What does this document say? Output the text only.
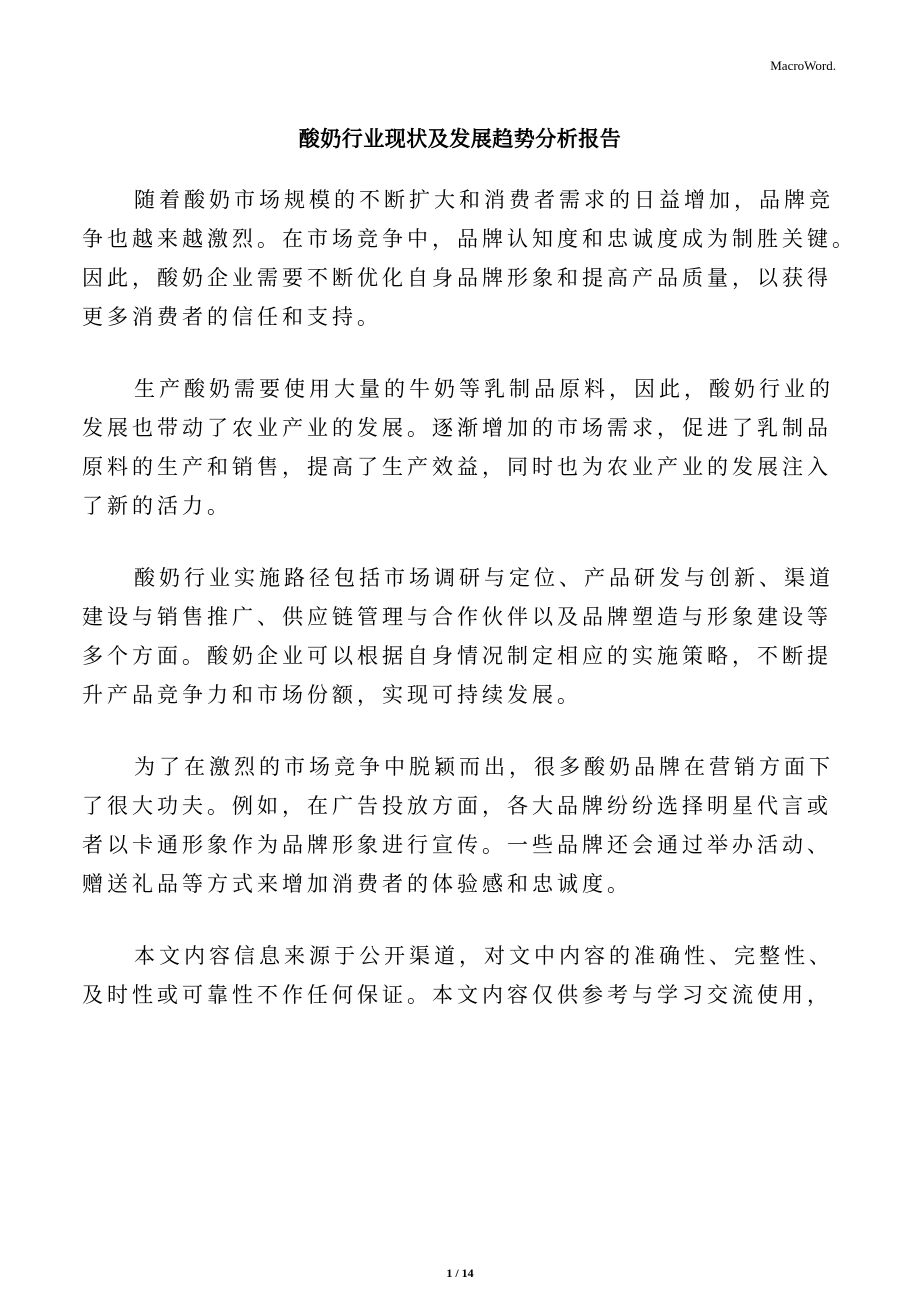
MacroWord.
酸奶行业现状及发展趋势分析报告
随着酸奶市场规模的不断扩大和消费者需求的日益增加，品牌竞
争也越来越激烈。在市场竞争中，品牌认知度和忠诚度成为制胜关键。
因此，酸奶企业需要不断优化自身品牌形象和提高产品质量，以获得
更多消费者的信任和支持。
生产酸奶需要使用大量的牛奶等乳制品原料，因此，酸奶行业的
发展也带动了农业产业的发展。逐渐增加的市场需求，促进了乳制品
原料的生产和销售，提高了生产效益，同时也为农业产业的发展注入
了新的活力。
酸奶行业实施路径包括市场调研与定位、产品研发与创新、渠道
建设与销售推广、供应链管理与合作伙伴以及品牌塑造与形象建设等
多个方面。酸奶企业可以根据自身情况制定相应的实施策略，不断提
升产品竞争力和市场份额，实现可持续发展。
为了在激烈的市场竞争中脱颖而出，很多酸奶品牌在营销方面下
了很大功夫。例如，在广告投放方面，各大品牌纷纷选择明星代言或
者以卡通形象作为品牌形象进行宣传。一些品牌还会通过举办活动、
赠送礼品等方式来增加消费者的体验感和忠诚度。
本文内容信息来源于公开渠道，对文中内容的准确性、完整性、
及时性或可靠性不作任何保证。本文内容仅供参考与学习交流使用，
1 / 14
